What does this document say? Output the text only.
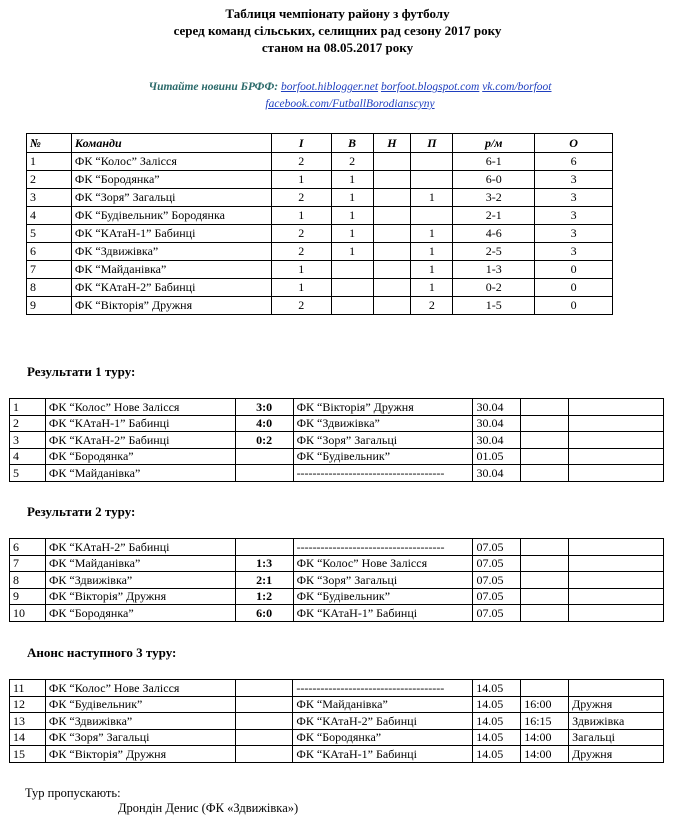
Таблиця чемпіонату району з футболу
серед команд сільських, селищних рад сезону 2017 року
станом на 08.05.2017 року
Читайте новини БРФФ: borfoot.hiblogger.net borfoot.blogspot.com vk.com/borfoot
facebook.com/FutballBorodianscyny
№	Команди	І	В	Н	П	р/м	О
1	ФК “Колос” Залісся	2	2			6-1	6
2	ФК “Бородянка”	1	1			6-0	3
3	ФК “Зоря” Загальці	2	1		1	3-2	3
4	ФК “Будівельник” Бородянка	1	1			2-1	3
5	ФК “КАтаН-1” Бабинці	2	1		1	4-6	3
6	ФК “Здвижівка”	2	1		1	2-5	3
7	ФК “Майданівка”	1			1	1-3	0
8	ФК “КАтаН-2” Бабинці	1			1	0-2	0
9	ФК “Вікторія” Дружня	2			2	1-5	0
Результати 1 туру:
1	ФК “Колос” Нове Залісся	3:0	ФК “Вікторія” Дружня	30.04		
2	ФК “КАтаН-1” Бабинці	4:0	ФК “Здвижівка”	30.04		
3	ФК “КАтаН-2” Бабинці	0:2	ФК “Зоря” Загальці	30.04		
4	ФК “Бородянка”		ФК “Будівельник”	01.05		
5	ФК “Майданівка”		-------------------------------------	30.04		
Результати 2 туру:
6	ФК “КАтаН-2” Бабинці		-------------------------------------	07.05		
7	ФК “Майданівка”	1:3	ФК “Колос” Нове Залісся	07.05		
8	ФК “Здвижівка”	2:1	ФК “Зоря” Загальці	07.05		
9	ФК “Вікторія” Дружня	1:2	ФК “Будівельник”	07.05		
10	ФК “Бородянка”	6:0	ФК “КАтаН-1” Бабинці	07.05		
Анонс наступного 3 туру:
11	ФК “Колос” Нове Залісся		-------------------------------------	14.05		
12	ФК “Будівельник”		ФК “Майданівка”	14.05	16:00	Дружня
13	ФК “Здвижівка”		ФК “КАтаН-2” Бабинці	14.05	16:15	Здвижівка
14	ФК “Зоря” Загальці		ФК “Бородянка”	14.05	14:00	Загальці
15	ФК “Вікторія” Дружня		ФК “КАтаН-1” Бабинці	14.05	14:00	Дружня
Тур пропускають:
Дрондін Денис (ФК «Здвижівка»)
